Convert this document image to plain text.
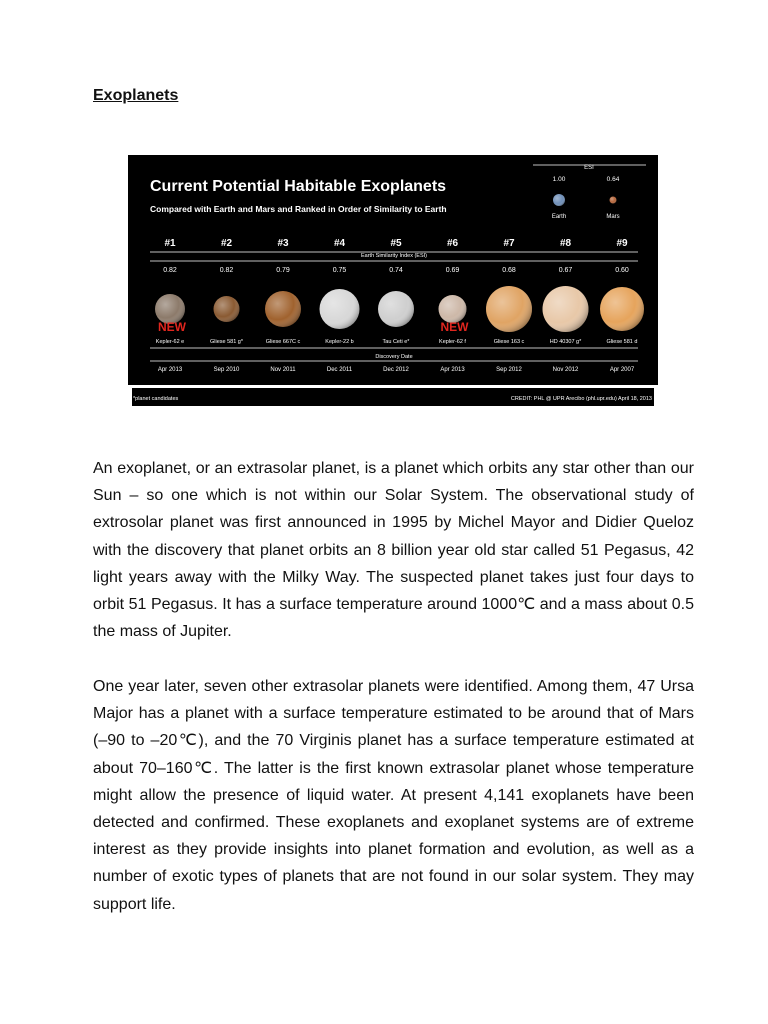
Exoplanets
Current Potential Habitable Exoplanets
Compared with Earth and Mars and Ranked in Order of Similarity to Earth
ESI
1.00
Earth
0.64
Mars
Earth Similarity Index (ESI)
Discovery Date
#1
0.82
NEW
Kepler-62 e
Apr 2013
#2
0.82
Gliese 581 g*
Sep 2010
#3
0.79
Gliese 667C c
Nov 2011
#4
0.75
Kepler-22 b
Dec 2011
#5
0.74
Tau Ceti e*
Dec 2012
#6
0.69
NEW
Kepler-62 f
Apr 2013
#7
0.68
Gliese 163 c
Sep 2012
#8
0.67
HD 40307 g*
Nov 2012
#9
0.60
Gliese 581 d
Apr 2007
*planet candidates	CREDIT: PHL @ UPR Arecibo (phl.upr.edu) April 18, 2013

An exoplanet, or an extrasolar planet, is a planet which orbits any star other than our Sun – so one which is not within our Solar System. The observational study of extrosolar planet was first announced in 1995 by Michel Mayor and Didier Queloz with the discovery that planet orbits an 8 billion year old star called 51 Pegasus, 42 light years away with the Milky Way. The suspected planet takes just four days to orbit 51 Pegasus. It has a surface temperature around 1000℃ and a mass about 0.5 the mass of Jupiter.

One year later, seven other extrasolar planets were identified. Among them, 47 Ursa Major has a planet with a surface temperature estimated to be around that of Mars (–90 to –20℃), and the 70 Virginis planet has a surface temperature estimated at about 70–160℃. The latter is the first known extrasolar planet whose temperature might allow the presence of liquid water. At present 4,141 exoplanets have been detected and confirmed. These exoplanets and exoplanet systems are of extreme interest as they provide insights into planet formation and evolution, as well as a number of exotic types of planets that are not found in our solar system. They may support life.
